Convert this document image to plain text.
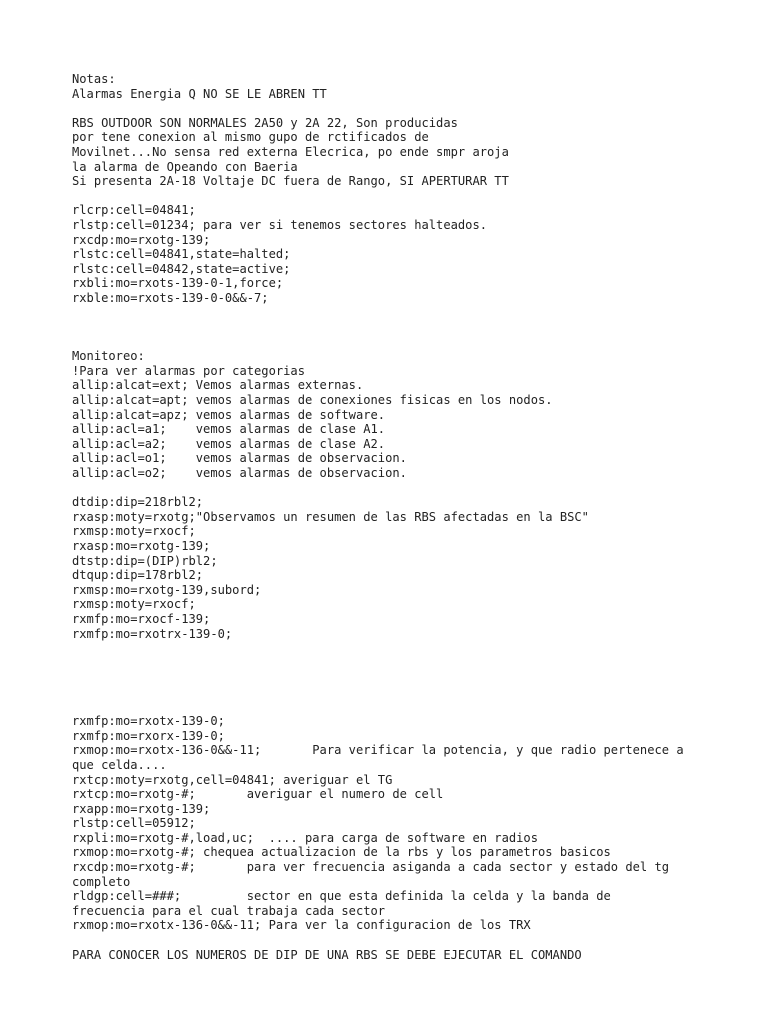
Notas:
Alarmas Energia Q NO SE LE ABREN TT
RBS OUTDOOR SON NORMALES 2A50 y 2A 22, Son producidas
por tene conexion al mismo gupo de rctificados de
Movilnet...No sensa red externa Elecrica, po ende smpr aroja
la alarma de Opeando con Baeria
Si presenta 2A-18 Voltaje DC fuera de Rango, SI APERTURAR TT
rlcrp:cell=04841;
rlstp:cell=01234; para ver si tenemos sectores halteados.
rxcdp:mo=rxotg-139;
rlstc:cell=04841,state=halted;
rlstc:cell=04842,state=active;
rxbli:mo=rxots-139-0-1,force;
rxble:mo=rxots-139-0-0&&-7;
Monitoreo:
!Para ver alarmas por categorias
allip:alcat=ext; Vemos alarmas externas.
allip:alcat=apt; vemos alarmas de conexiones fisicas en los nodos.
allip:alcat=apz; vemos alarmas de software.
allip:acl=a1;    vemos alarmas de clase A1.
allip:acl=a2;    vemos alarmas de clase A2.
allip:acl=o1;    vemos alarmas de observacion.
allip:acl=o2;    vemos alarmas de observacion.
dtdip:dip=218rbl2;
rxasp:moty=rxotg;"Observamos un resumen de las RBS afectadas en la BSC"
rxmsp:moty=rxocf;
rxasp:mo=rxotg-139;
dtstp:dip=(DIP)rbl2;
dtqup:dip=178rbl2;
rxmsp:mo=rxotg-139,subord;
rxmsp:moty=rxocf;
rxmfp:mo=rxocf-139;
rxmfp:mo=rxotrx-139-0;
rxmfp:mo=rxotx-139-0;
rxmfp:mo=rxorx-139-0;
rxmop:mo=rxotx-136-0&&-11;       Para verificar la potencia, y que radio pertenece a
que celda....
rxtcp:moty=rxotg,cell=04841; averiguar el TG
rxtcp:mo=rxotg-#;       averiguar el numero de cell
rxapp:mo=rxotg-139;
rlstp:cell=05912;
rxpli:mo=rxotg-#,load,uc;  .... para carga de software en radios
rxmop:mo=rxotg-#; chequea actualizacion de la rbs y los parametros basicos
rxcdp:mo=rxotg-#;       para ver frecuencia asiganda a cada sector y estado del tg
completo
rldgp:cell=###;         sector en que esta definida la celda y la banda de
frecuencia para el cual trabaja cada sector
rxmop:mo=rxotx-136-0&&-11; Para ver la configuracion de los TRX
PARA CONOCER LOS NUMEROS DE DIP DE UNA RBS SE DEBE EJECUTAR EL COMANDO
